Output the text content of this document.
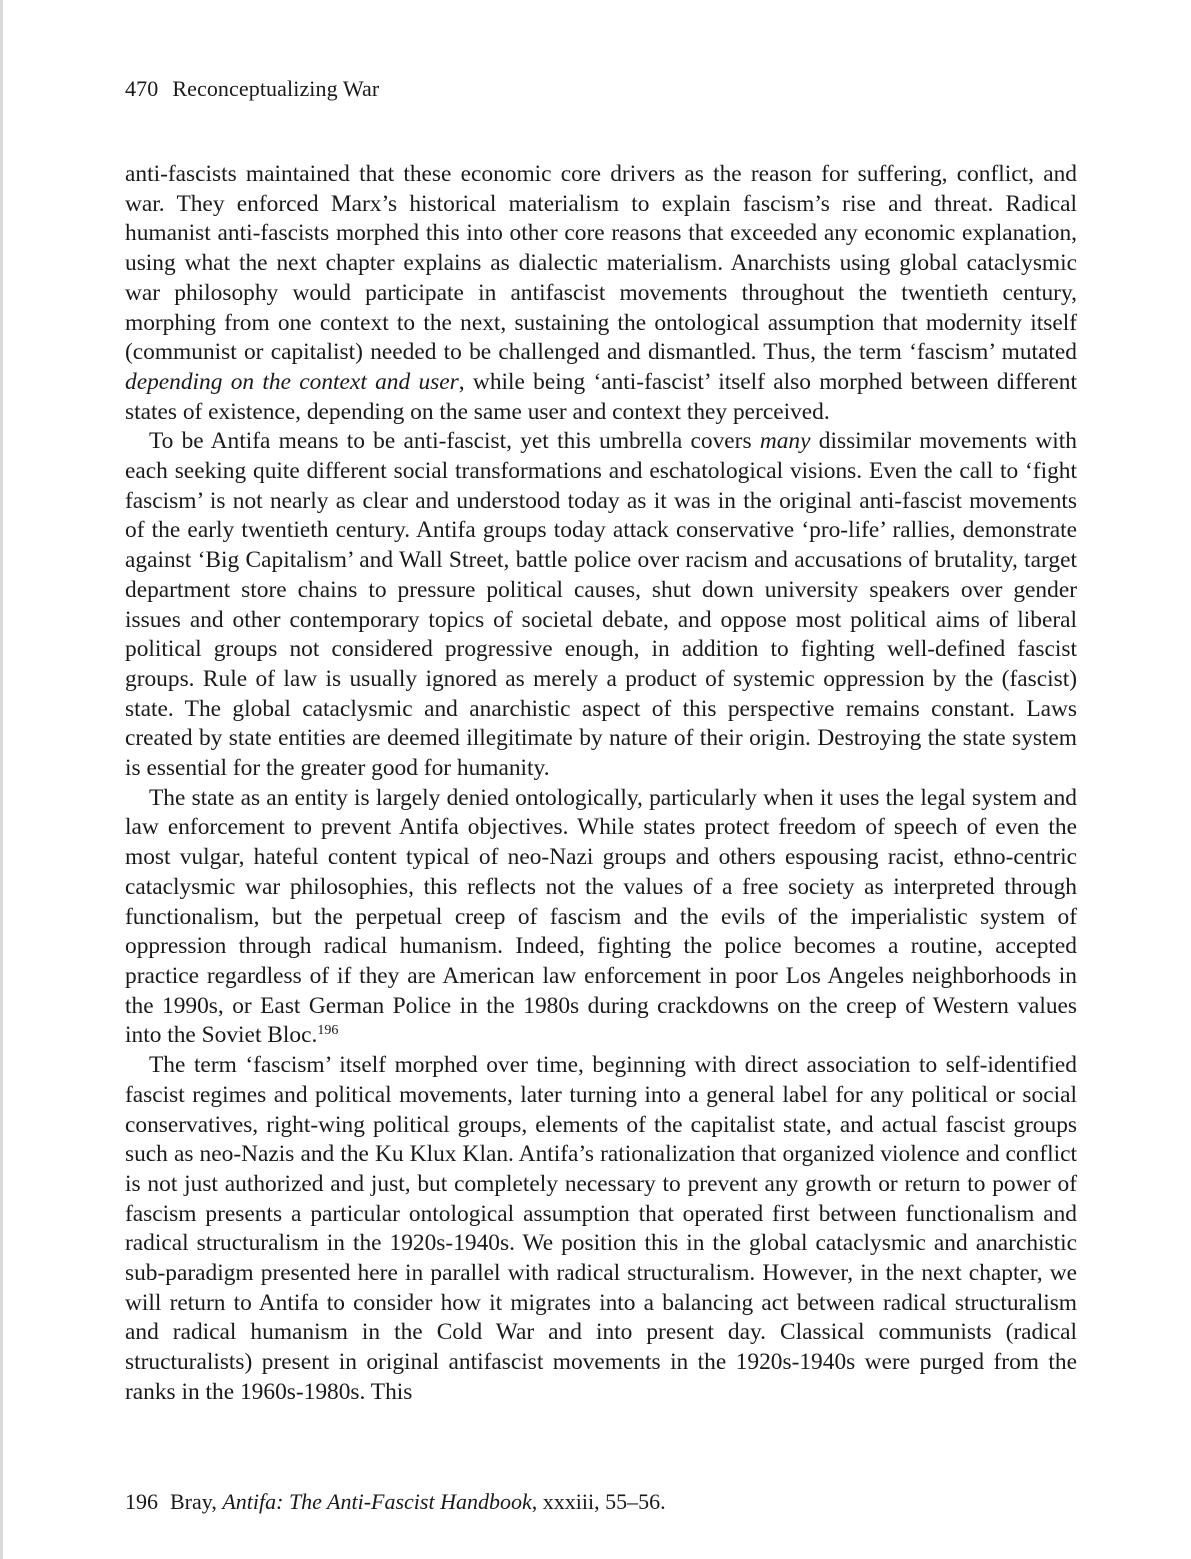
470 Reconceptualizing War

anti-fascists maintained that these economic core drivers as the reason for suffering, conflict, and war. They enforced Marx’s historical materialism to explain fascism’s rise and threat. Radical humanist anti-fascists morphed this into other core reasons that exceeded any economic explanation, using what the next chapter explains as dialectic materialism. Anarchists using global cataclysmic war philosophy would participate in antifascist movements throughout the twentieth century, morphing from one context to the next, sustaining the ontological assumption that modernity itself (communist or capitalist) needed to be challenged and dismantled. Thus, the term ‘fascism’ mutated depending on the context and user, while being ‘anti-fascist’ itself also morphed between different states of existence, depending on the same user and context they perceived.

To be Antifa means to be anti-fascist, yet this umbrella covers many dissimilar movements with each seeking quite different social transformations and eschatological visions. Even the call to ‘fight fascism’ is not nearly as clear and understood today as it was in the original anti-fascist movements of the early twentieth century. Antifa groups today attack conservative ‘pro-life’ rallies, demonstrate against ‘Big Capitalism’ and Wall Street, battle police over racism and accusations of brutality, target department store chains to pressure political causes, shut down university speakers over gender issues and other contemporary topics of societal debate, and oppose most political aims of liberal political groups not considered progressive enough, in addition to fighting well-defined fascist groups. Rule of law is usually ignored as merely a product of systemic oppression by the (fascist) state. The global cataclysmic and anarchistic aspect of this perspective remains constant. Laws created by state entities are deemed illegitimate by nature of their origin. Destroying the state system is essential for the greater good for humanity.

The state as an entity is largely denied ontologically, particularly when it uses the legal system and law enforcement to prevent Antifa objectives. While states protect freedom of speech of even the most vulgar, hateful content typical of neo-Nazi groups and others espousing racist, ethno-centric cataclysmic war philosophies, this reflects not the values of a free society as interpreted through functionalism, but the perpetual creep of fascism and the evils of the imperialistic system of oppression through radical humanism. Indeed, fighting the police becomes a routine, accepted practice regardless of if they are American law enforcement in poor Los Angeles neighborhoods in the 1990s, or East German Police in the 1980s during crackdowns on the creep of Western values into the Soviet Bloc.$^{196}$

The term ‘fascism’ itself morphed over time, beginning with direct association to self-identified fascist regimes and political movements, later turning into a general label for any political or social conservatives, right-wing political groups, elements of the capitalist state, and actual fascist groups such as neo-Nazis and the Ku Klux Klan. Antifa’s rationalization that organized violence and conflict is not just authorized and just, but completely necessary to prevent any growth or return to power of fascism presents a particular ontological assumption that operated first between functionalism and radical structuralism in the 1920s-1940s. We position this in the global cataclysmic and anarchistic sub-paradigm presented here in parallel with radical structuralism. However, in the next chapter, we will return to Antifa to consider how it migrates into a balancing act between radical structuralism and radical humanism in the Cold War and into present day. Classical communists (radical structuralists) present in original antifascist movements in the 1920s-1940s were purged from the ranks in the 1960s-1980s. This

196 Bray, Antifa: The Anti-Fascist Handbook, xxxiii, 55–56.
